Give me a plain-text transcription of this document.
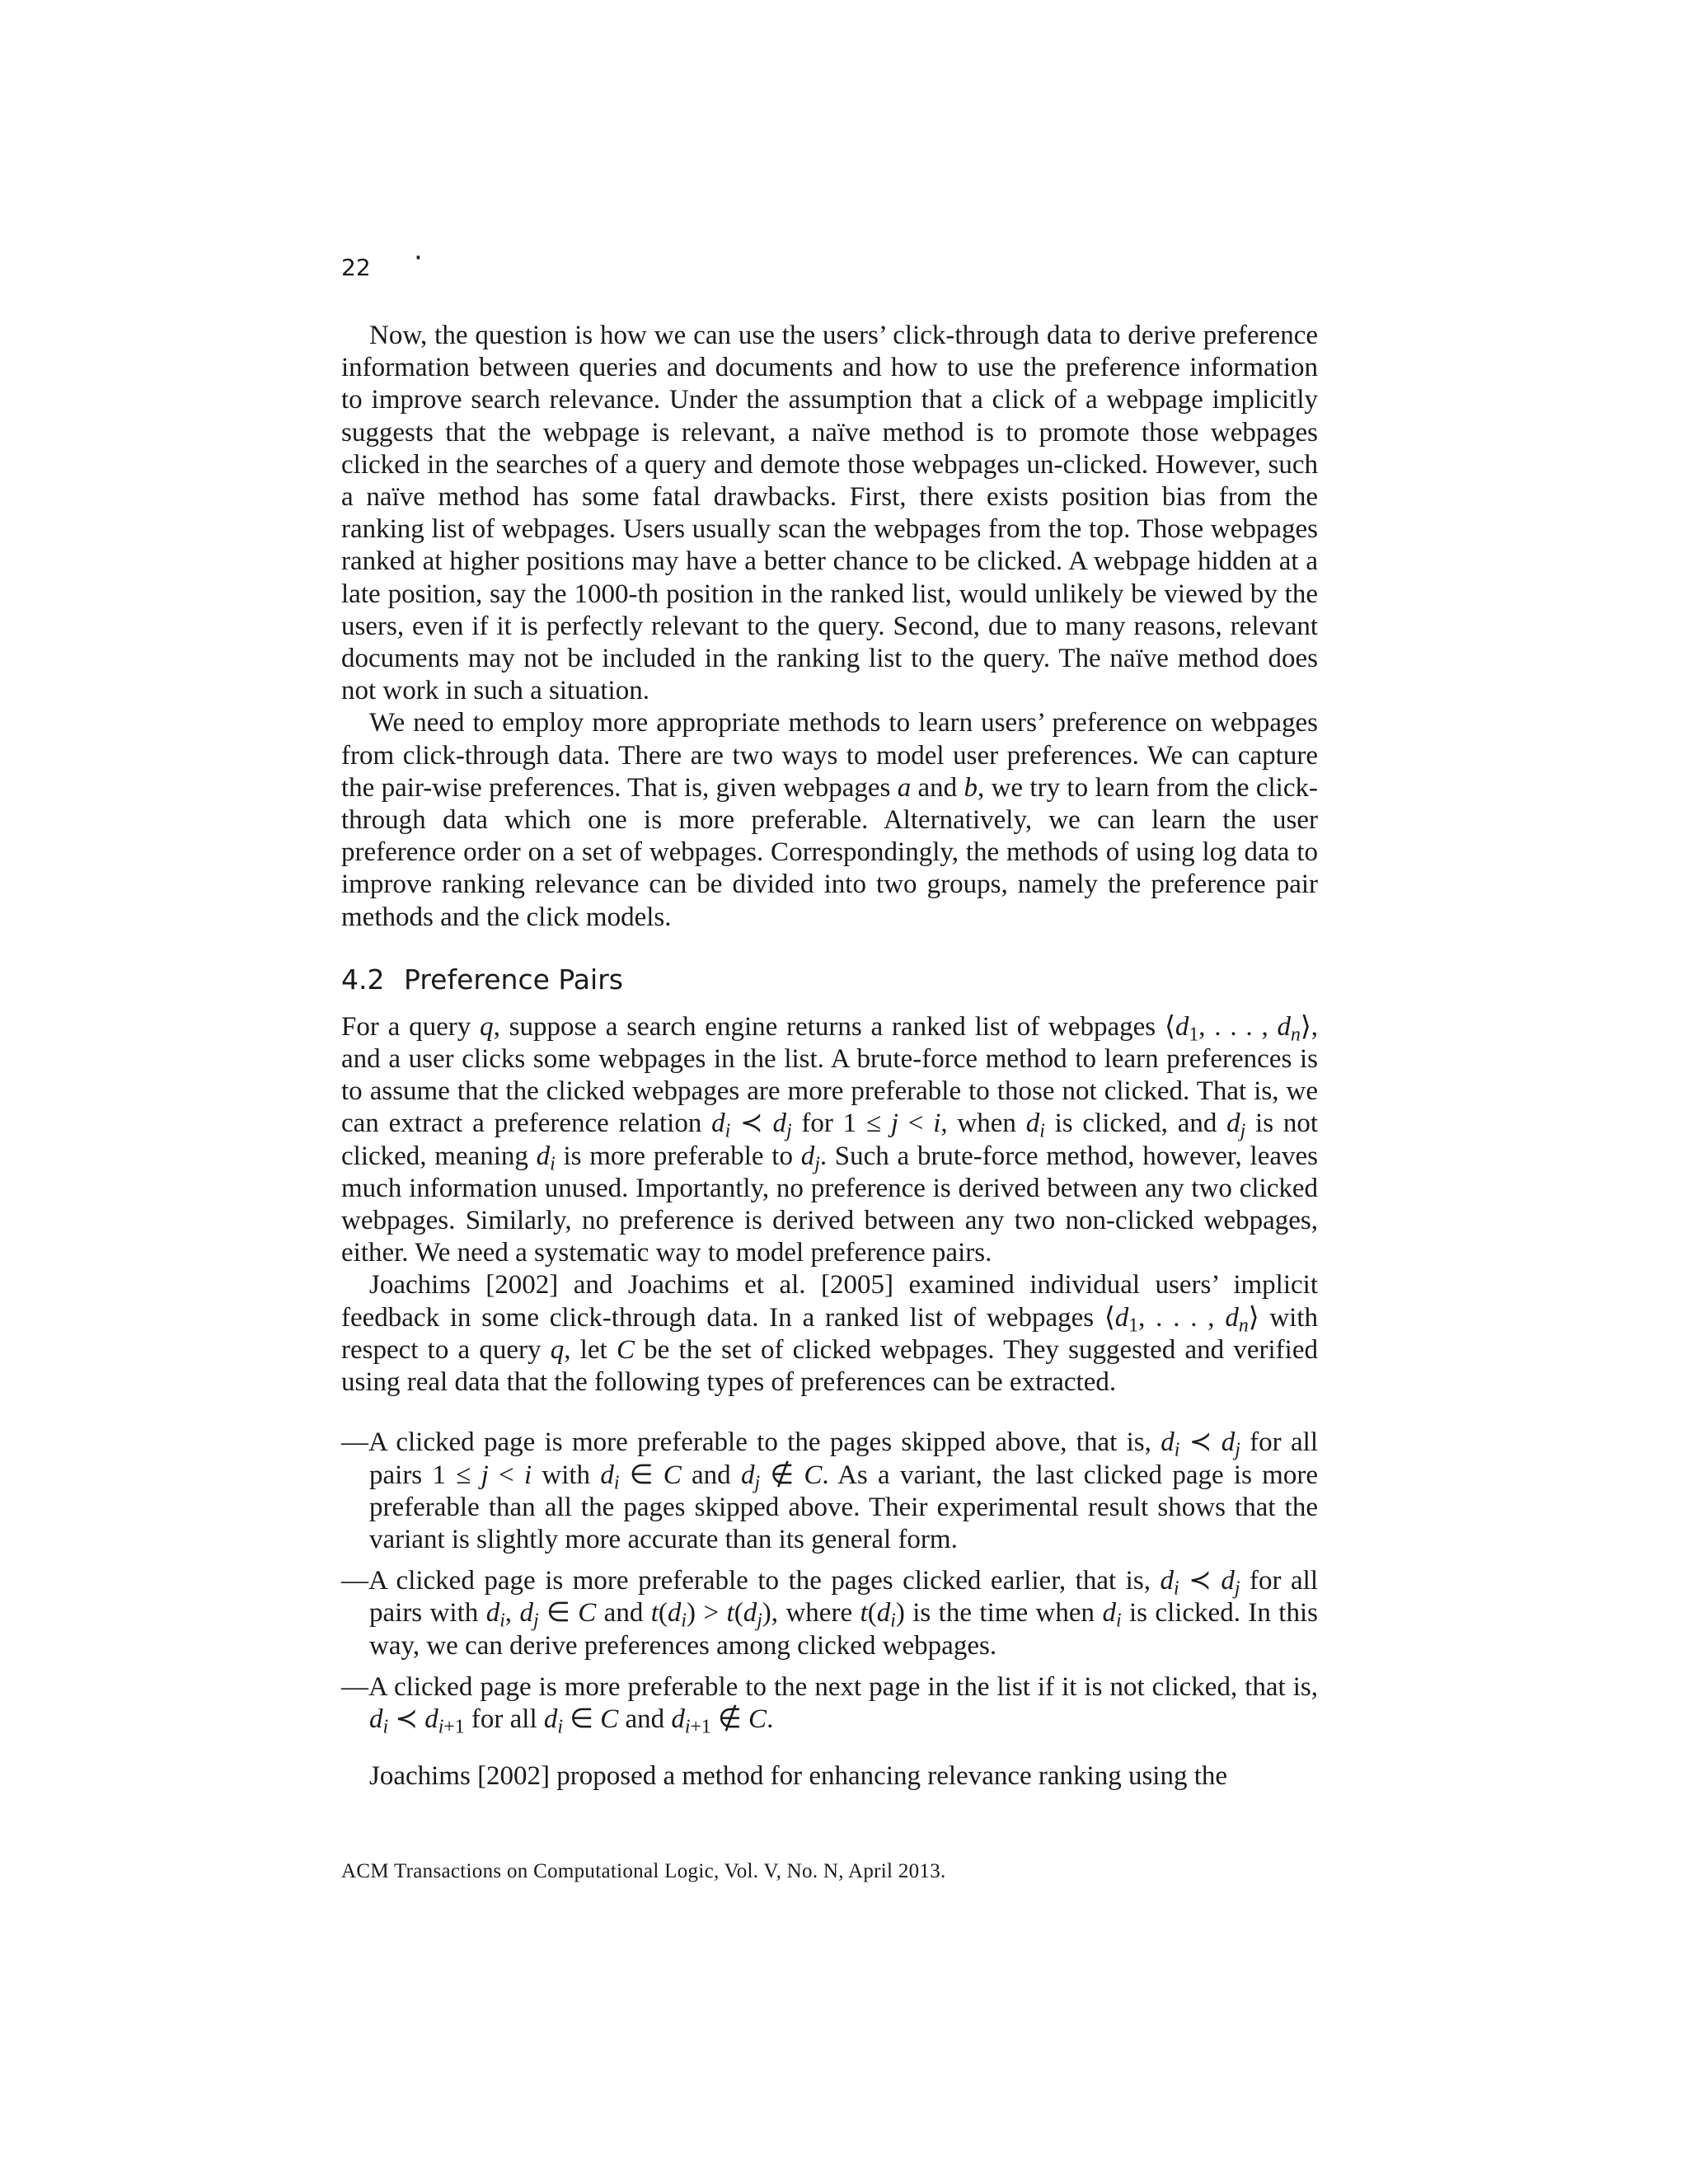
22 ·

Now, the question is how we can use the users’ click-through data to derive preference information between queries and documents and how to use the preference information to improve search relevance. Under the assumption that a click of a webpage implicitly suggests that the webpage is relevant, a naïve method is to promote those webpages clicked in the searches of a query and demote those webpages un-clicked. However, such a naïve method has some fatal drawbacks. First, there exists position bias from the ranking list of webpages. Users usually scan the webpages from the top. Those webpages ranked at higher positions may have a better chance to be clicked. A webpage hidden at a late position, say the 1000-th position in the ranked list, would unlikely be viewed by the users, even if it is perfectly relevant to the query. Second, due to many reasons, relevant documents may not be included in the ranking list to the query. The naïve method does not work in such a situation.

We need to employ more appropriate methods to learn users’ preference on webpages from click-through data. There are two ways to model user preferences. We can capture the pair-wise preferences. That is, given webpages a and b, we try to learn from the click-through data which one is more preferable. Alternatively, we can learn the user preference order on a set of webpages. Correspondingly, the methods of using log data to improve ranking relevance can be divided into two groups, namely the preference pair methods and the click models.

4.2 Preference Pairs

For a query q, suppose a search engine returns a ranked list of webpages $⟨d_1$, . . . , $d_n⟩$, and a user clicks some webpages in the list. A brute-force method to learn preferences is to assume that the clicked webpages are more preferable to those not clicked. That is, we can extract a preference relation $d_i$ ≺ $d_j$ for 1 ≤ j < i, when $d_i$ is clicked, and $d_j$ is not clicked, meaning $d_i$ is more preferable to $d_j$. Such a brute-force method, however, leaves much information unused. Importantly, no preference is derived between any two clicked webpages. Similarly, no preference is derived between any two non-clicked webpages, either. We need a systematic way to model preference pairs.

Joachims [2002] and Joachims et al. [2005] examined individual users’ implicit feedback in some click-through data. In a ranked list of webpages $⟨d_1$, . . . , $d_n⟩$ with respect to a query q, let C be the set of clicked webpages. They suggested and verified using real data that the following types of preferences can be extracted.

—A clicked page is more preferable to the pages skipped above, that is, $d_i$ ≺ $d_j$ for all pairs 1 ≤ j < i with $d_i$ ∈ C and $d_j$ ∉ C. As a variant, the last clicked page is more preferable than all the pages skipped above. Their experimental result shows that the variant is slightly more accurate than its general form.
—A clicked page is more preferable to the pages clicked earlier, that is, $d_i$ ≺ $d_j$ for all pairs with $d_i$, $d_j$ ∈ C and $t(d_i) > t(d_j)$, where $t(d_i)$ is the time when $d_i$ is clicked. In this way, we can derive preferences among clicked webpages.
—A clicked page is more preferable to the next page in the list if it is not clicked, that is, $d_i$ ≺ $d_{i+1}$ for all $d_i$ ∈ C and $d_{i+1}$ ∉ C.

Joachims [2002] proposed a method for enhancing relevance ranking using the

ACM Transactions on Computational Logic, Vol. V, No. N, April 2013.
